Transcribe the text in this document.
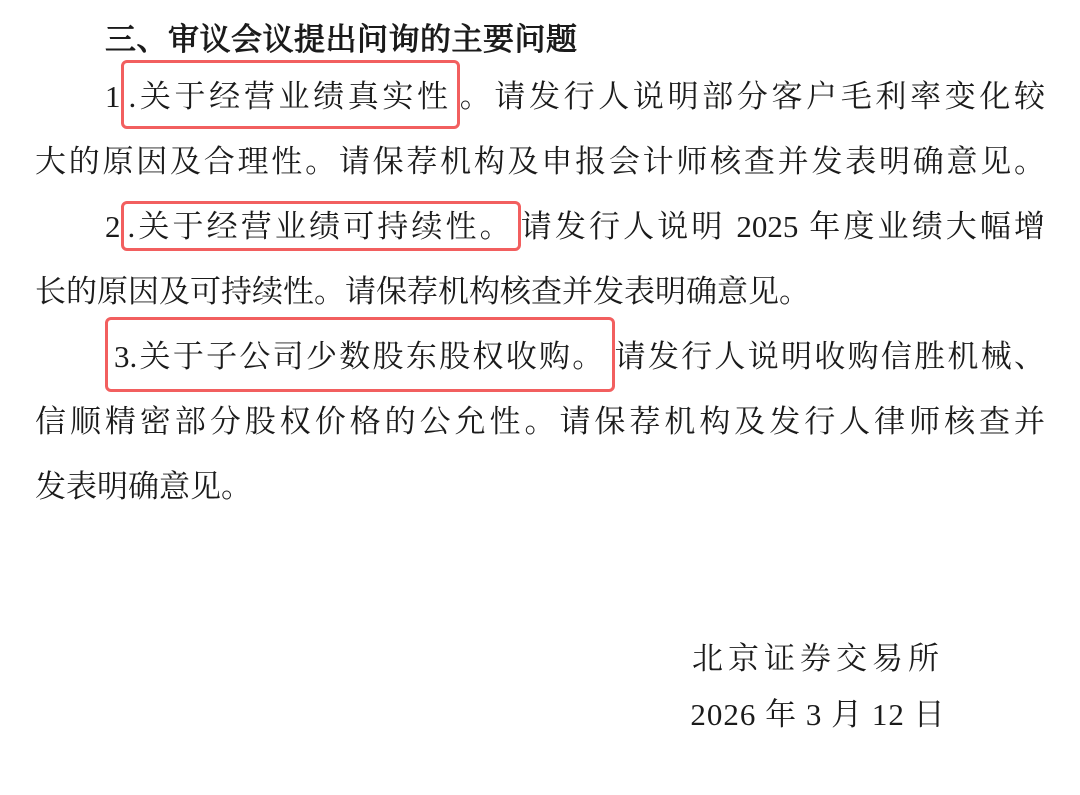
三、审议会议提出问询的主要问题
1 .关于经营业绩真实性 。请发行人说明部分客户毛利率变化较
大的原因及合理性。请保荐机构及申报会计师核查并发表明确意见。
2 .关于经营业绩可持续性。 请发行人说明 2025 年度业绩大幅增
长的原因及可持续性。请保荐机构核查并发表明确意见。
3.关于子公司少数股东股权收购。 请发行人说明收购信胜机械、
信顺精密部分股权价格的公允性。请保荐机构及发行人律师核查并
发表明确意见。
北京证券交易所
2026 年 3 月 12 日
